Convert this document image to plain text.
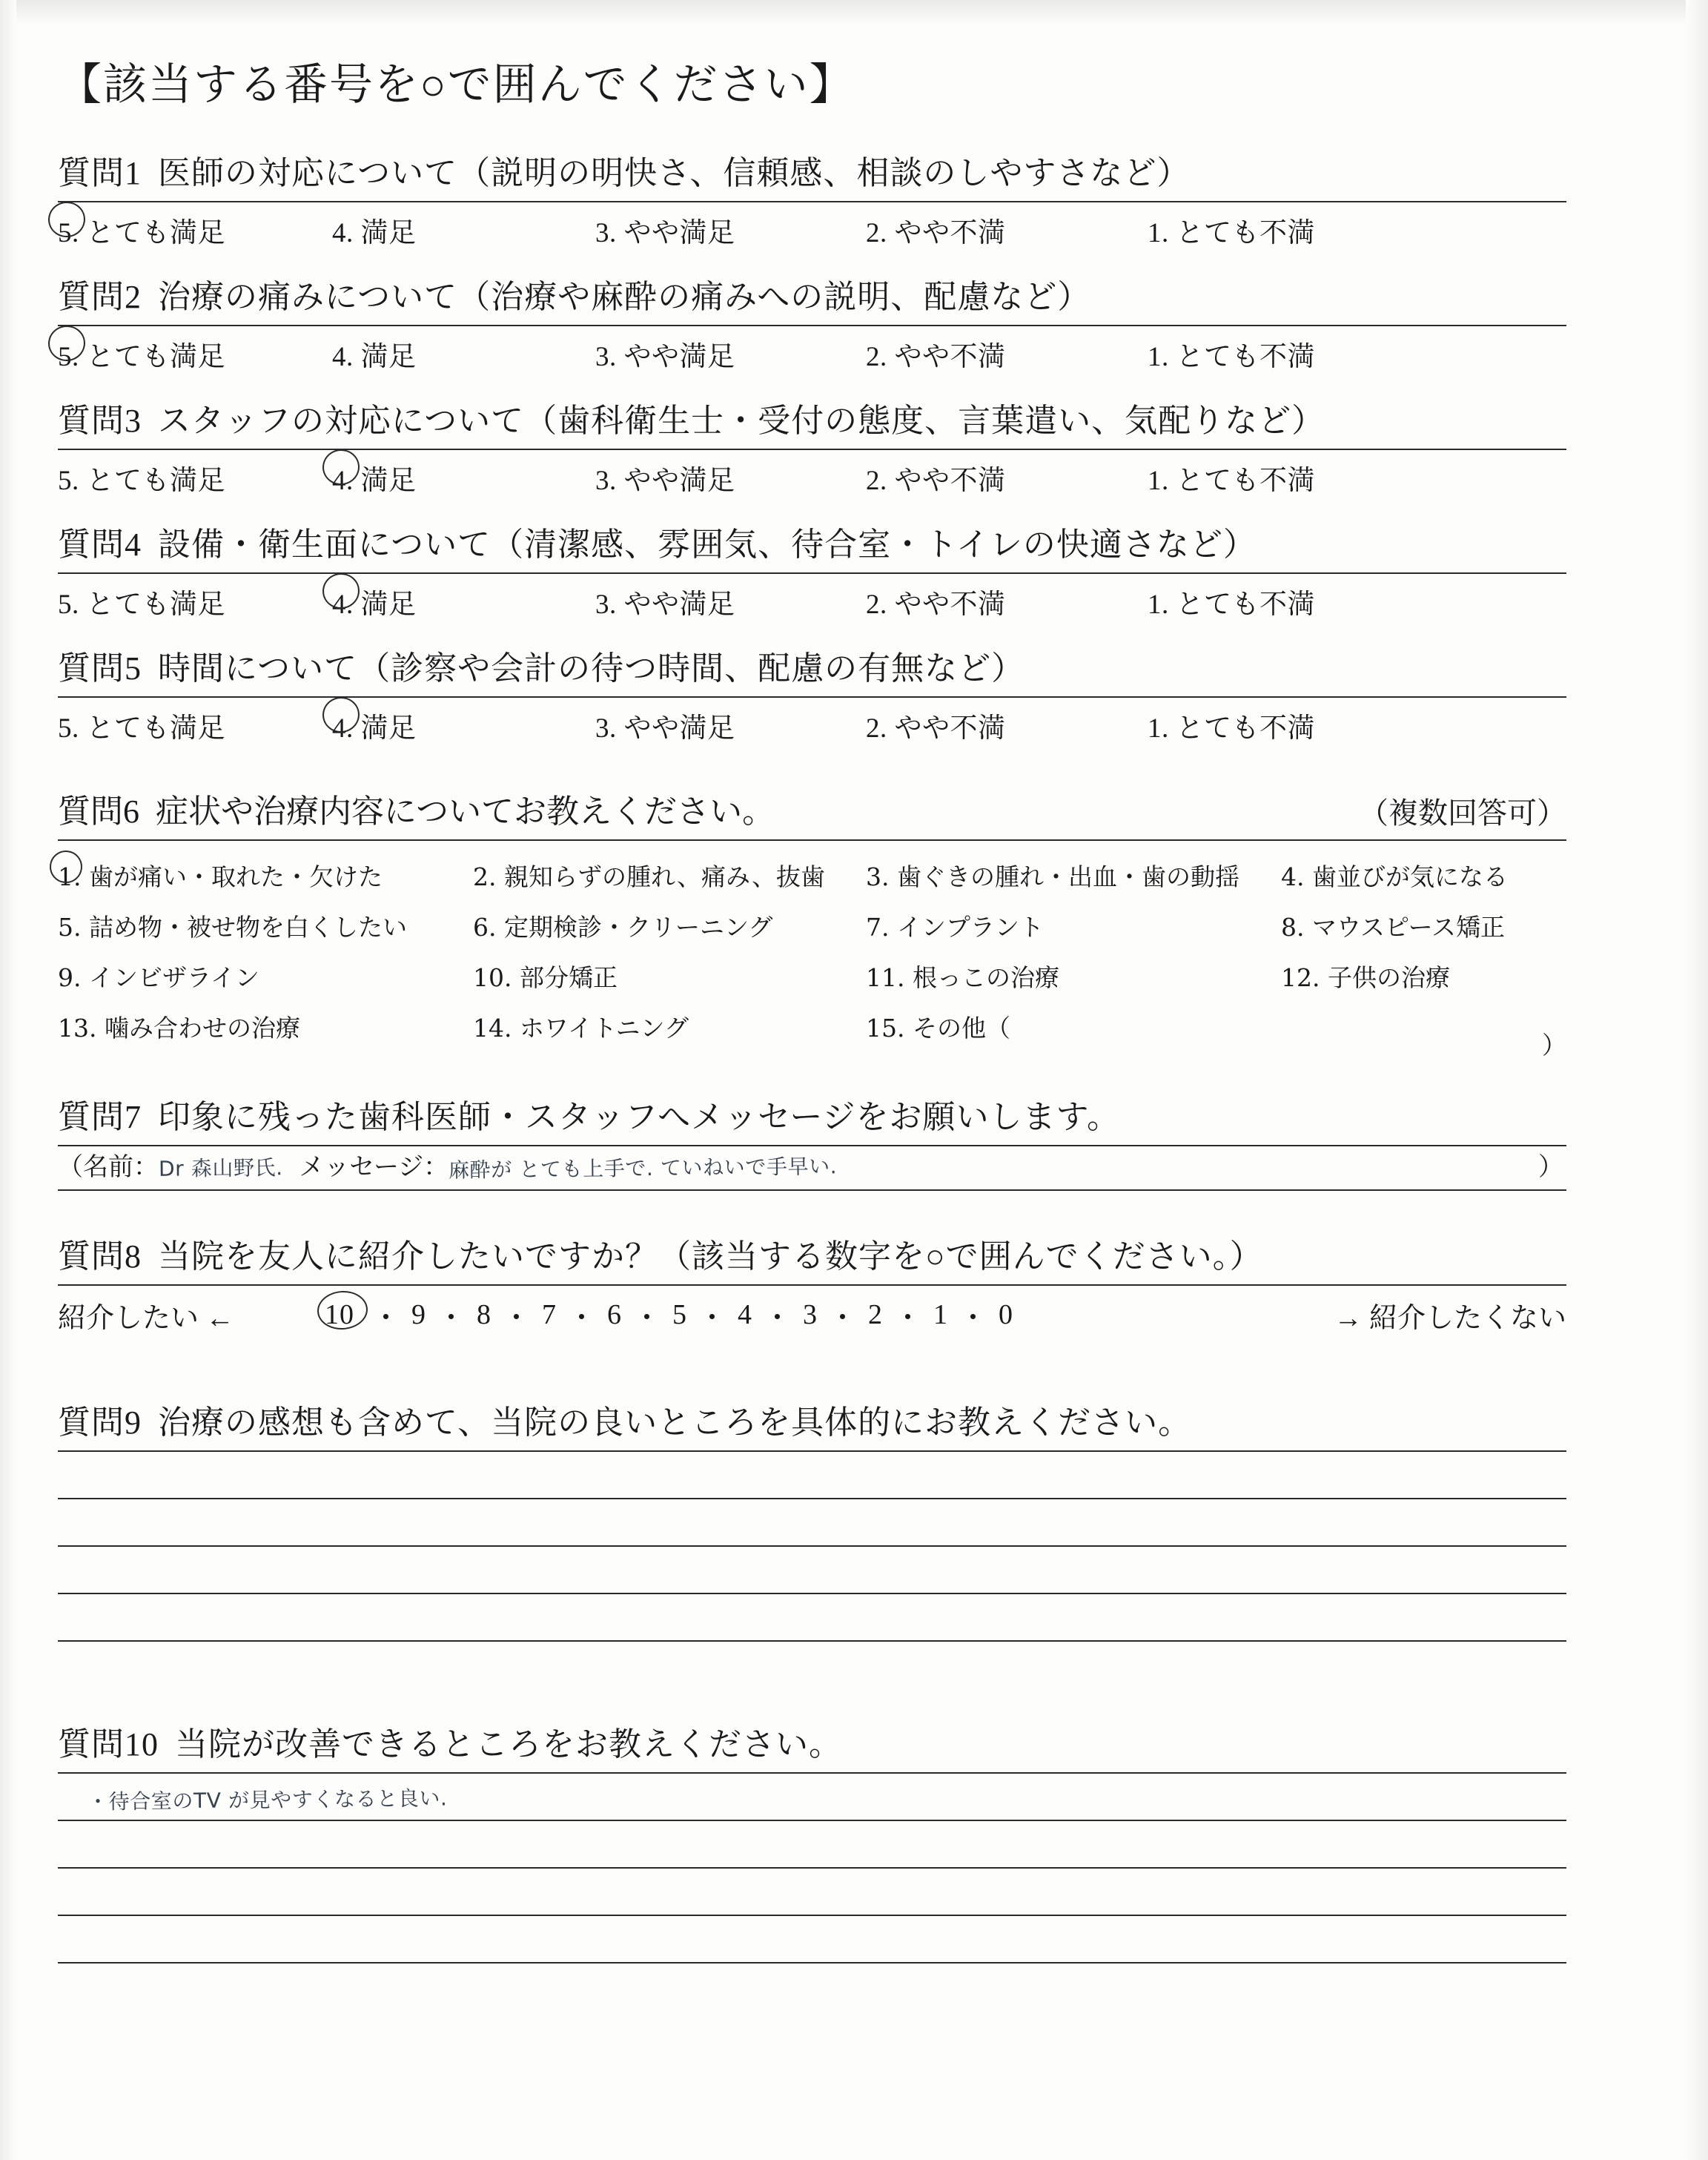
【該当する番号を○で囲んでください】
質問1 医師の対応について（説明の明快さ、信頼感、相談のしやすさなど）
5. とても満足	4. 満足	3. やや満足	2. やや不満	1. とても不満
質問2 治療の痛みについて（治療や麻酔の痛みへの説明、配慮など）
5. とても満足	4. 満足	3. やや満足	2. やや不満	1. とても不満
質問3 スタッフの対応について（歯科衛生士・受付の態度、言葉遣い、気配りなど）
5. とても満足	4. 満足	3. やや満足	2. やや不満	1. とても不満
質問4 設備・衛生面について（清潔感、雰囲気、待合室・トイレの快適さなど）
5. とても満足	4. 満足	3. やや満足	2. やや不満	1. とても不満
質問5 時間について（診察や会計の待つ時間、配慮の有無など）
5. とても満足	4. 満足	3. やや満足	2. やや不満	1. とても不満
質問6 症状や治療内容についてお教えください。	（複数回答可）
1. 歯が痛い・取れた・欠けた	2. 親知らずの腫れ、痛み、抜歯	3. 歯ぐきの腫れ・出血・歯の動揺	4. 歯並びが気になる
5. 詰め物・被せ物を白くしたい	6. 定期検診・クリーニング	7. インプラント	8. マウスピース矯正
9. インビザライン	10. 部分矯正	11. 根っこの治療	12. 子供の治療
13. 噛み合わせの治療	14. ホワイトニング	15. その他（
）
質問7 印象に残った歯科医師・スタッフへメッセージをお願いします。
（名前：Dr 森山野氏. メッセージ：麻酔が とても上手で. ていねいで手早い.	）
質問8 当院を友人に紹介したいですか？（該当する数字を○で囲んでください。）
紹介したい ←	10 ・ 9 ・ 8 ・ 7 ・ 6 ・ 5 ・ 4 ・ 3 ・ 2 ・ 1 ・ 0	→ 紹介したくない
質問9 治療の感想も含めて、当院の良いところを具体的にお教えください。
質問10 当院が改善できるところをお教えください。
・待合室のTV が見やすくなると良い.
